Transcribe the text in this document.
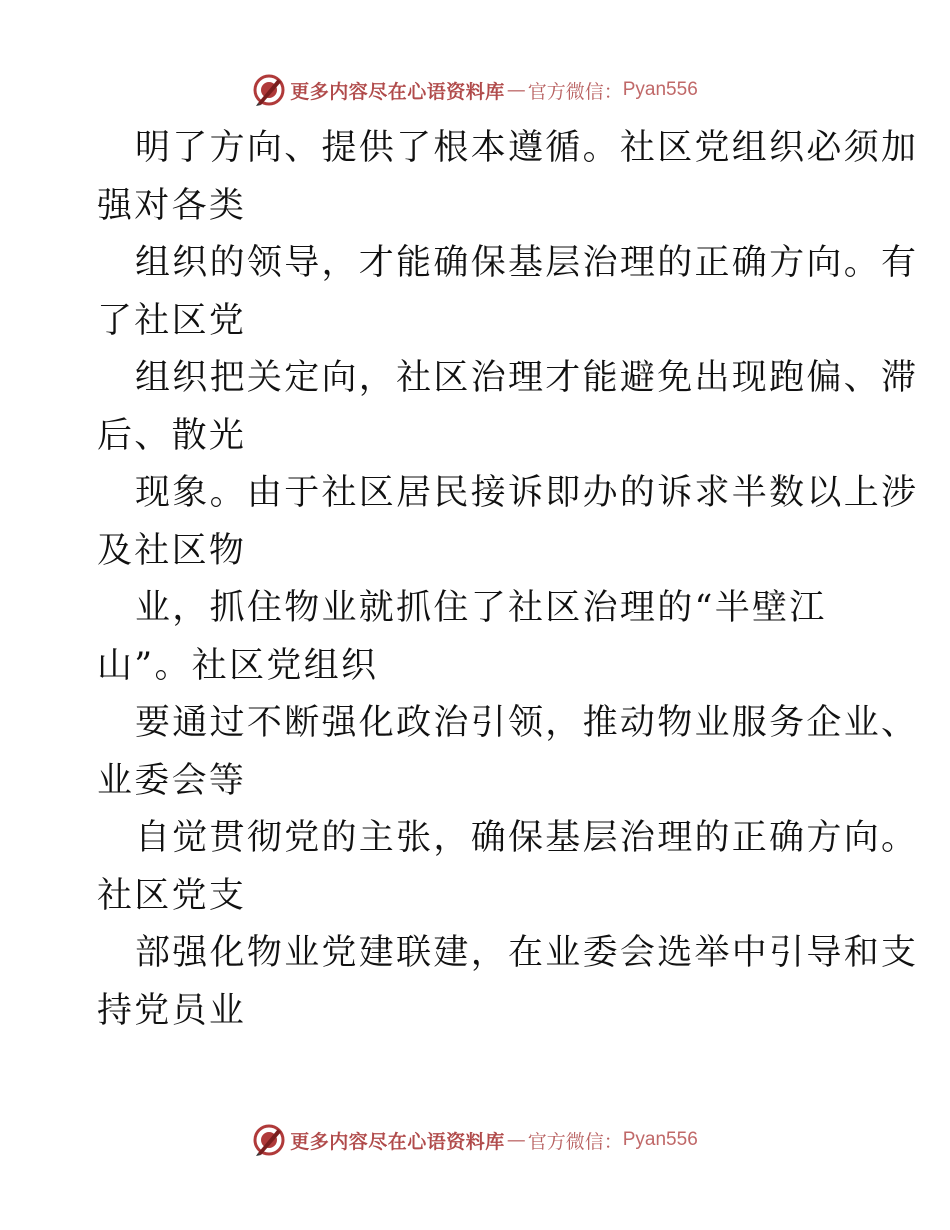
更多内容尽在心语资料库 — 官方微信： Pyan556
明了方向、提供了根本遵循。社区党组织必须加
强对各类
组织的领导，才能确保基层治理的正确方向。有
了社区党
组织把关定向，社区治理才能避免出现跑偏、滞
后、散光
现象。由于社区居民接诉即办的诉求半数以上涉
及社区物
业，抓住物业就抓住了社区治理的“半壁江
山”。社区党组织
要通过不断强化政治引领，推动物业服务企业、
业委会等
自觉贯彻党的主张，确保基层治理的正确方向。
社区党支
部强化物业党建联建，在业委会选举中引导和支
持党员业
更多内容尽在心语资料库 — 官方微信： Pyan556
